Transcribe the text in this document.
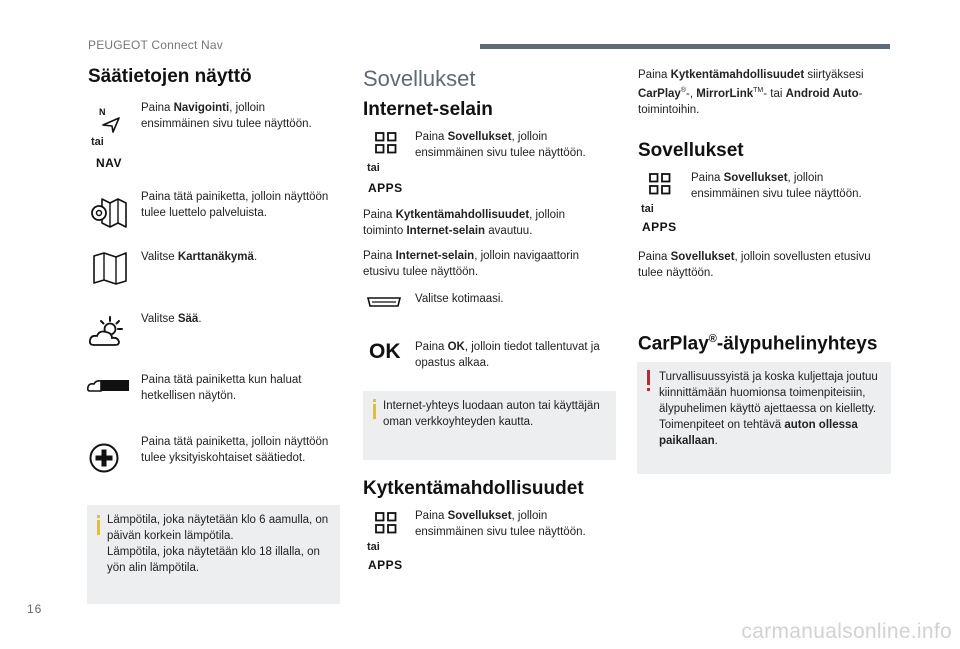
PEUGEOT Connect Nav
16
carmanualsonline.info
Säätietojen näyttö
N
tai
NAV
Paina Navigointi, jolloin ensimmäinen sivu tulee näyttöön.
Paina tätä painiketta, jolloin näyttöön tulee luettelo palveluista.
Valitse Karttanäkymä.
Valitse Sää.
Paina tätä painiketta kun haluat hetkellisen näytön.
Paina tätä painiketta, jolloin näyttöön tulee yksityiskohtaiset säätiedot.
Lämpötila, joka näytetään klo 6 aamulla, on päivän korkein lämpötila.
Lämpötila, joka näytetään klo 18 illalla, on yön alin lämpötila.
Sovellukset
Internet-selain
tai
APPS
Paina Sovellukset, jolloin ensimmäinen sivu tulee näyttöön.
Paina Kytkentämahdollisuudet, jolloin toiminto Internet-selain avautuu.
Paina Internet-selain, jolloin navigaattorin etusivu tulee näyttöön.
Valitse kotimaasi.
OK Paina OK, jolloin tiedot tallentuvat ja opastus alkaa.
Internet-yhteys luodaan auton tai käyttäjän oman verkkoyhteyden kautta.
Kytkentämahdollisuudet
tai
APPS
Paina Sovellukset, jolloin ensimmäinen sivu tulee näyttöön.
Paina Kytkentämahdollisuudet siirtyäksesi CarPlay®-, MirrorLink™- tai Android Auto-toimintoihin.
Sovellukset
tai
APPS
Paina Sovellukset, jolloin ensimmäinen sivu tulee näyttöön.
Paina Sovellukset, jolloin sovellusten etusivu tulee näyttöön.
CarPlay®-älypuhelinyhteys
Turvallisuussyistä ja koska kuljettaja joutuu kiinnittämään huomionsa toimenpiteisiin, älypuhelimen käyttö ajettaessa on kielletty.
Toimenpiteet on tehtävä auton ollessa paikallaan.
